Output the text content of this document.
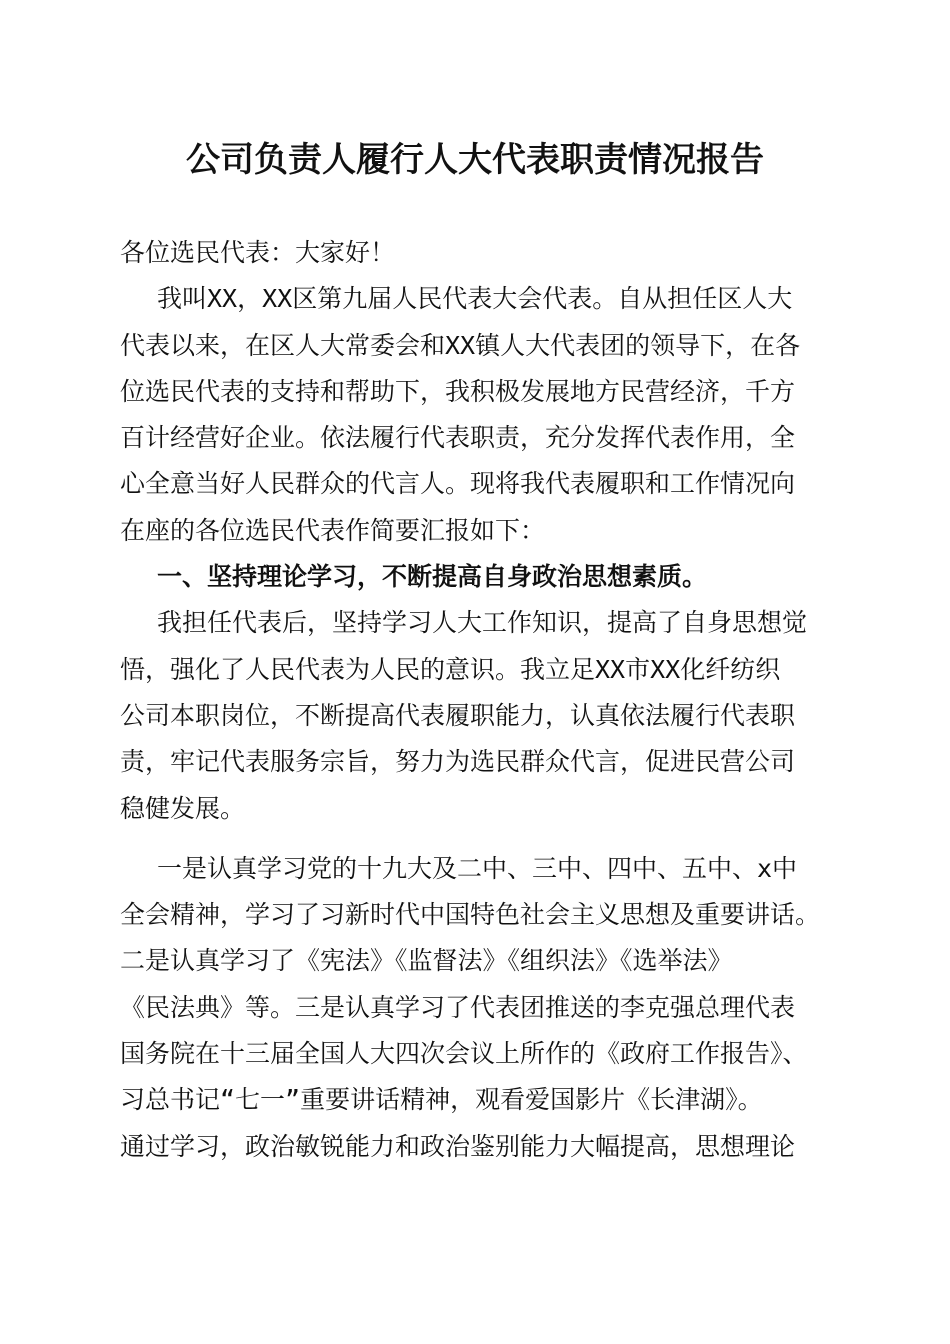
公司负责人履行人大代表职责情况报告
各位选民代表：大家好！
我叫XX，XX区第九届人民代表大会代表。自从担任区人大
代表以来，在区人大常委会和XX镇人大代表团的领导下，在各
位选民代表的支持和帮助下，我积极发展地方民营经济，千方
百计经营好企业。依法履行代表职责，充分发挥代表作用，全
心全意当好人民群众的代言人。现将我代表履职和工作情况向
在座的各位选民代表作简要汇报如下：
一、坚持理论学习，不断提高自身政治思想素质。
我担任代表后，坚持学习人大工作知识，提高了自身思想觉
悟，强化了人民代表为人民的意识。我立足XX市XX化纤纺织
公司本职岗位，不断提高代表履职能力，认真依法履行代表职
责，牢记代表服务宗旨，努力为选民群众代言，促进民营公司
稳健发展。
一是认真学习党的十九大及二中、三中、四中、五中、x中
全会精神，学习了习新时代中国特色社会主义思想及重要讲话。
二是认真学习了《宪法》《监督法》《组织法》《选举法》
《民法典》等。三是认真学习了代表团推送的李克强总理代表
国务院在十三届全国人大四次会议上所作的《政府工作报告》、
习总书记“七一”重要讲话精神，观看爱国影片《长津湖》。
通过学习，政治敏锐能力和政治鉴别能力大幅提高，思想理论
